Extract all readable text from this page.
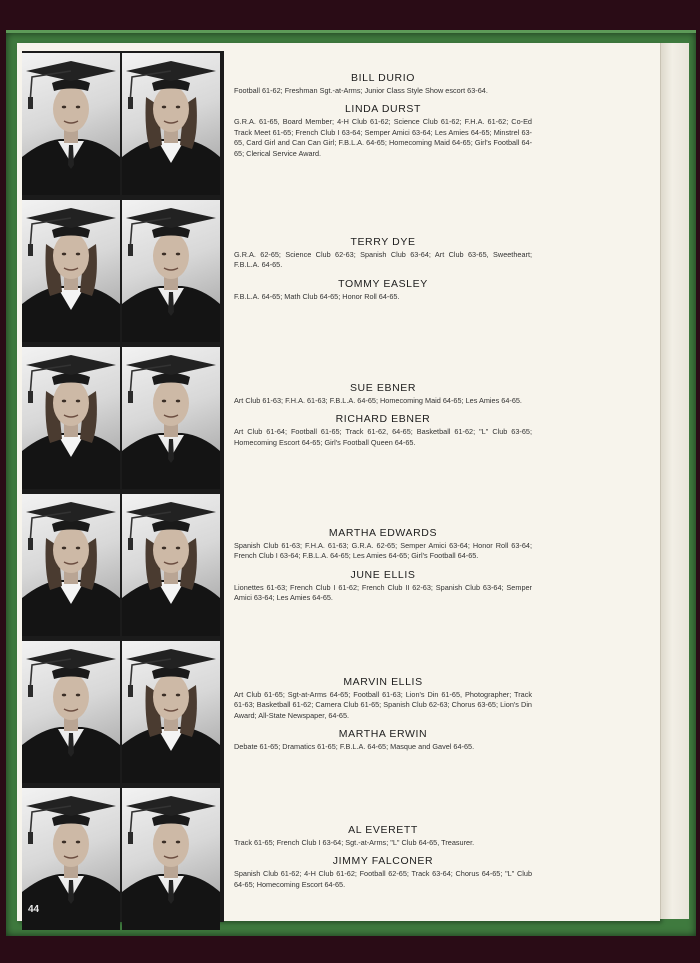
44
BILL DURIO
Football 61-62; Freshman Sgt.-at-Arms; Junior Class Style Show escort 63-64.
LINDA DURST
G.R.A. 61-65, Board Member; 4-H Club 61-62; Science Club 61-62; F.H.A. 61-62; Co-Ed Track Meet 61-65; French Club I 63-64; Semper Amici 63-64; Les Amies 64-65; Minstrel 63-65, Card Girl and Can Can Girl; F.B.L.A. 64-65; Homecoming Maid 64-65; Girl's Football 64-65; Clerical Service Award.
TERRY DYE
G.R.A. 62-65; Science Club 62-63; Spanish Club 63-64; Art Club 63-65, Sweetheart; F.B.L.A. 64-65.
TOMMY EASLEY
F.B.L.A. 64-65; Math Club 64-65; Honor Roll 64-65.
SUE EBNER
Art Club 61-63; F.H.A. 61-63; F.B.L.A. 64-65; Homecoming Maid 64-65; Les Amies 64-65.
RICHARD EBNER
Art Club 61-64; Football 61-65; Track 61-62, 64-65; Basketball 61-62; "L" Club 63-65; Homecoming Escort 64-65; Girl's Football Queen 64-65.
MARTHA EDWARDS
Spanish Club 61-63; F.H.A. 61-63; G.R.A. 62-65; Semper Amici 63-64; Honor Roll 63-64; French Club I 63-64; F.B.L.A. 64-65; Les Amies 64-65; Girl's Football 64-65.
JUNE ELLIS
Lionettes 61-63; French Club I 61-62; French Club II 62-63; Spanish Club 63-64; Semper Amici 63-64; Les Amies 64-65.
MARVIN ELLIS
Art Club 61-65; Sgt-at-Arms 64-65; Football 61-63; Lion's Din 61-65, Photographer; Track 61-63; Basketball 61-62; Camera Club 61-65; Spanish Club 62-63; Chorus 63-65; Lion's Din Award; All-State Newspaper, 64-65.
MARTHA ERWIN
Debate 61-65; Dramatics 61-65; F.B.L.A. 64-65; Masque and Gavel 64-65.
AL EVERETT
Track 61-65; French Club I 63-64; Sgt.-at-Arms; "L" Club 64-65, Treasurer.
JIMMY FALCONER
Spanish Club 61-62; 4-H Club 61-62; Football 62-65; Track 63-64; Chorus 64-65; "L" Club 64-65; Homecoming Escort 64-65.
